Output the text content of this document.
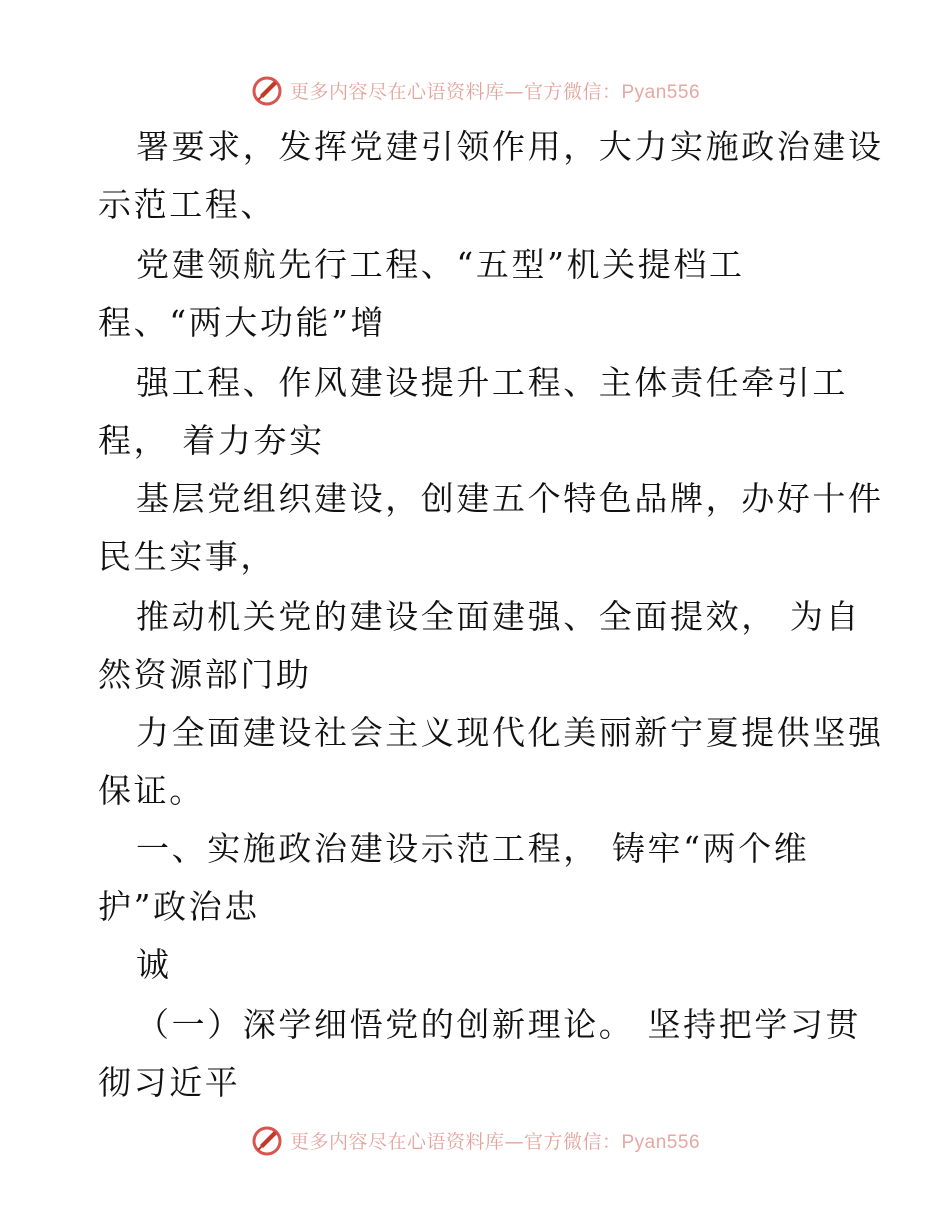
更多内容尽在心语资料库—官方微信：Pyan556
署要求，发挥党建引领作用，大力实施政治建设
示范工程、
党建领航先行工程、“五型”机关提档工
程、“两大功能”增
强工程、作风建设提升工程、主体责任牵引工
程， 着力夯实
基层党组织建设，创建五个特色品牌，办好十件
民生实事，
推动机关党的建设全面建强、全面提效， 为自
然资源部门助
力全面建设社会主义现代化美丽新宁夏提供坚强
保证。
一、实施政治建设示范工程， 铸牢“两个维
护”政治忠
诚
（一）深学细悟党的创新理论。 坚持把学习贯
彻习近平
更多内容尽在心语资料库—官方微信：Pyan556
